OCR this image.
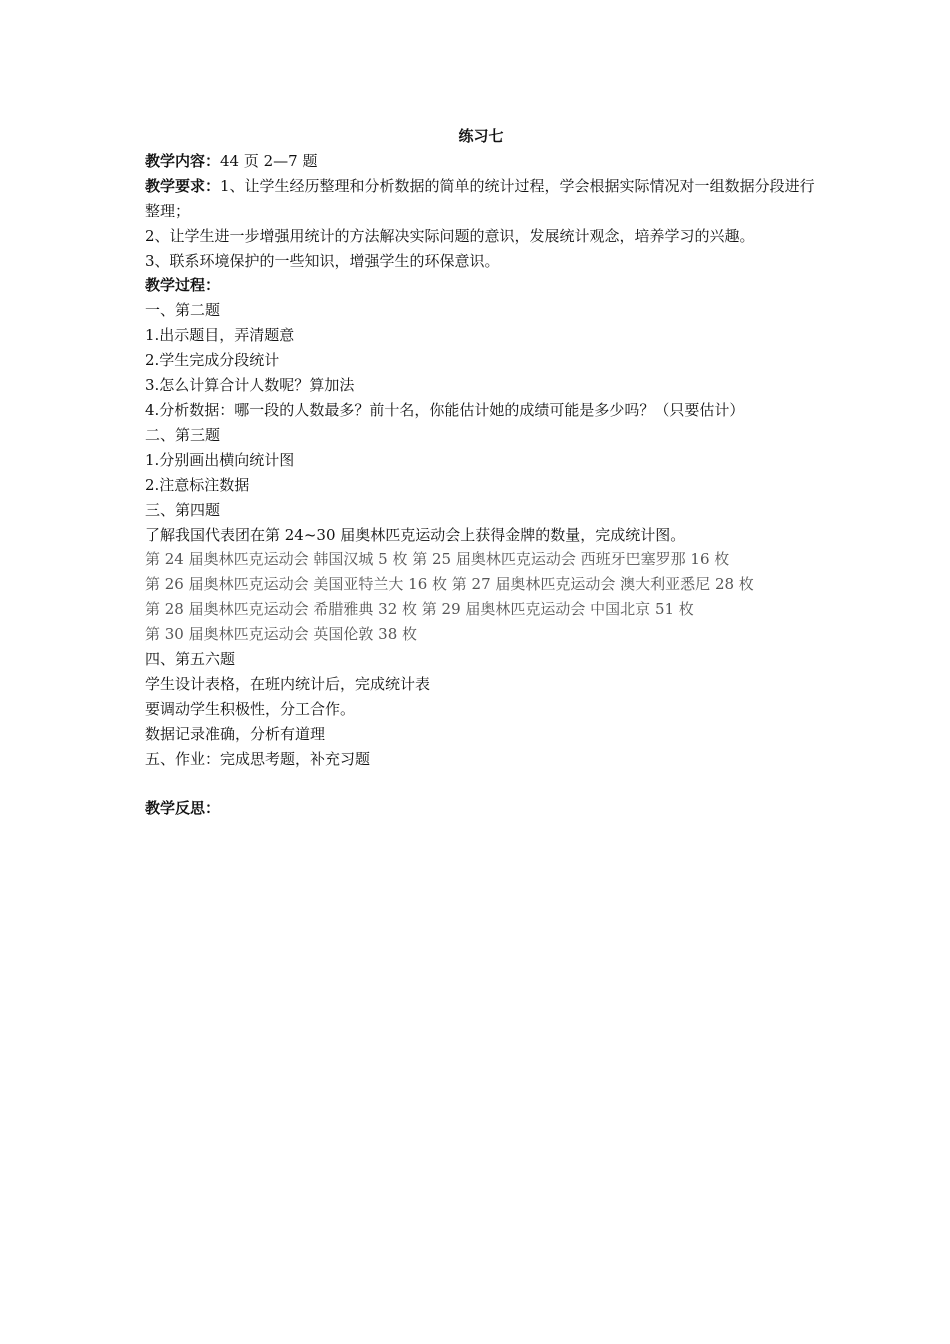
练习七
教学内容：44 页 2—7 题
教学要求：1、让学生经历整理和分析数据的简单的统计过程，学会根据实际情况对一组数据分段进行整理；
2、让学生进一步增强用统计的方法解决实际问题的意识，发展统计观念，培养学习的兴趣。
3、联系环境保护的一些知识，增强学生的环保意识。
教学过程：
一、第二题
1.出示题目，弄清题意
2.学生完成分段统计
3.怎么计算合计人数呢？算加法
4.分析数据：哪一段的人数最多？前十名，你能估计她的成绩可能是多少吗？（只要估计）
二、第三题
1.分别画出横向统计图
2.注意标注数据
三、第四题
了解我国代表团在第 24~30 届奥林匹克运动会上获得金牌的数量，完成统计图。
第 24 届奥林匹克运动会 韩国汉城 5 枚 第 25 届奥林匹克运动会 西班牙巴塞罗那 16 枚
第 26 届奥林匹克运动会 美国亚特兰大 16 枚 第 27 届奥林匹克运动会 澳大利亚悉尼 28 枚
第 28 届奥林匹克运动会 希腊雅典 32 枚 第 29 届奥林匹克运动会 中国北京 51 枚
第 30 届奥林匹克运动会 英国伦敦 38 枚
四、第五六题
学生设计表格，在班内统计后，完成统计表
要调动学生积极性，分工合作。
数据记录准确，分析有道理
五、作业：完成思考题，补充习题
教学反思：
